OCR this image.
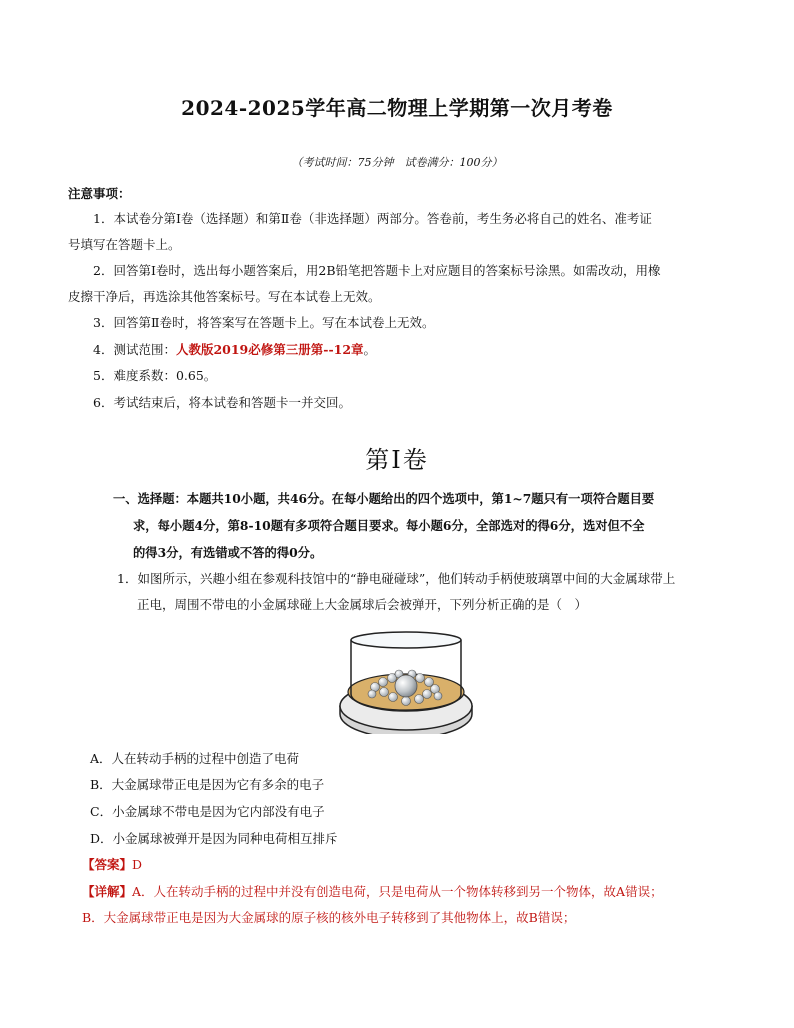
2024-2025学年高二物理上学期第一次月考卷
（考试时间：75分钟　试卷满分：100分）
注意事项：
1．本试卷分第Ⅰ卷（选择题）和第Ⅱ卷（非选择题）两部分。答卷前，考生务必将自己的姓名、准考证
号填写在答题卡上。
2．回答第Ⅰ卷时，选出每小题答案后，用2B铅笔把答题卡上对应题目的答案标号涂黑。如需改动，用橡
皮擦干净后，再选涂其他答案标号。写在本试卷上无效。
3．回答第Ⅱ卷时，将答案写在答题卡上。写在本试卷上无效。
4．测试范围：人教版2019必修第三册第--12章。
5．难度系数：0.65。
6．考试结束后，将本试卷和答题卡一并交回。
第Ⅰ卷
一、选择题：本题共10小题，共46分。在每小题给出的四个选项中，第1~7题只有一项符合题目要
求，每小题4分，第8-10题有多项符合题目要求。每小题6分，全部选对的得6分，选对但不全
的得3分，有选错或不答的得0分。
1．如图所示，兴趣小组在参观科技馆中的“静电碰碰球”，他们转动手柄使玻璃罩中间的大金属球带上
正电，周围不带电的小金属球碰上大金属球后会被弹开，下列分析正确的是（　）
A．人在转动手柄的过程中创造了电荷
B．大金属球带正电是因为它有多余的电子
C．小金属球不带电是因为它内部没有电子
D．小金属球被弹开是因为同种电荷相互排斥
【答案】D
【详解】A．人在转动手柄的过程中并没有创造电荷，只是电荷从一个物体转移到另一个物体，故A错误；
B．大金属球带正电是因为大金属球的原子核的核外电子转移到了其他物体上，故B错误；
